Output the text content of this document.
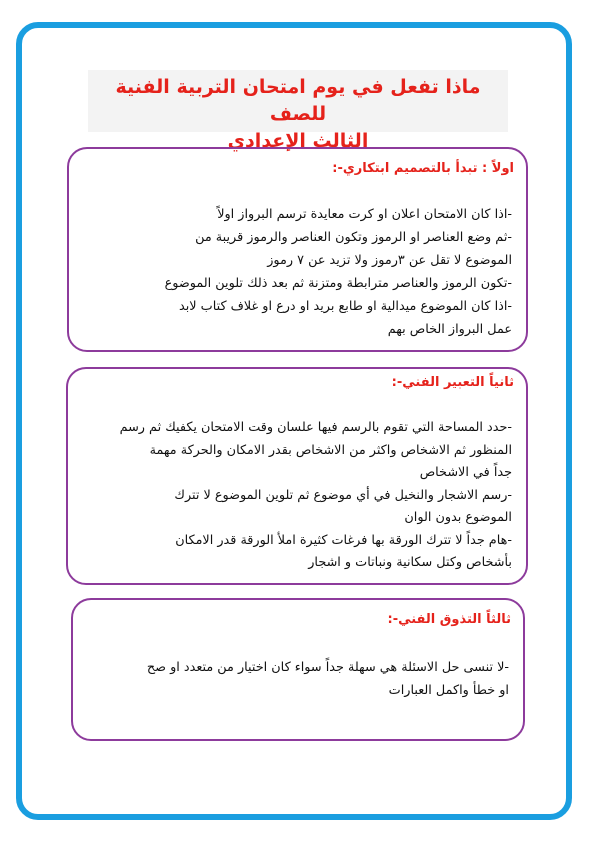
ماذا تفعل في يوم امتحان التربية الفنية للصف
الثالث الإعدادي
اولاً : تبدأ بالتصميم ابتكاري-:
-اذا كان الامتحان اعلان او كرت معايدة ترسم البرواز اولاً
-ثم وضع العناصر او الرموز وتكون العناصر والرموز قريبة من
الموضوع لا تقل عن ٣رموز ولا تزيد عن ٧ رموز
-تكون الرموز والعناصر مترابطة ومتزنة ثم بعد ذلك تلوين الموضوع
-اذا كان الموضوع ميدالية او طابع بريد او درع او غلاف كتاب لابد
عمل البرواز الخاص بهم
ثانياً التعبير الفني-:
-حدد المساحة التي تقوم بالرسم فيها علسان وقت الامتحان يكفيك ثم رسم
المنظور ثم الاشخاص واكثر من الاشخاص بقدر الامكان والحركة مهمة
جداً في الاشخاص
-رسم الاشجار والنخيل في أي موضوع ثم تلوين الموضوع لا تترك
الموضوع بدون الوان
-هام جداً لا تترك الورقة بها فرغات كثيرة املأ الورقة قدر الامكان
بأشخاص وكتل سكانية ونباتات و اشجار
ثالثاً التذوق الفني-:
-لا تنسى حل الاسئلة هي سهلة جداً سواء كان اختيار من متعدد او صح
او خطأ واكمل العبارات
